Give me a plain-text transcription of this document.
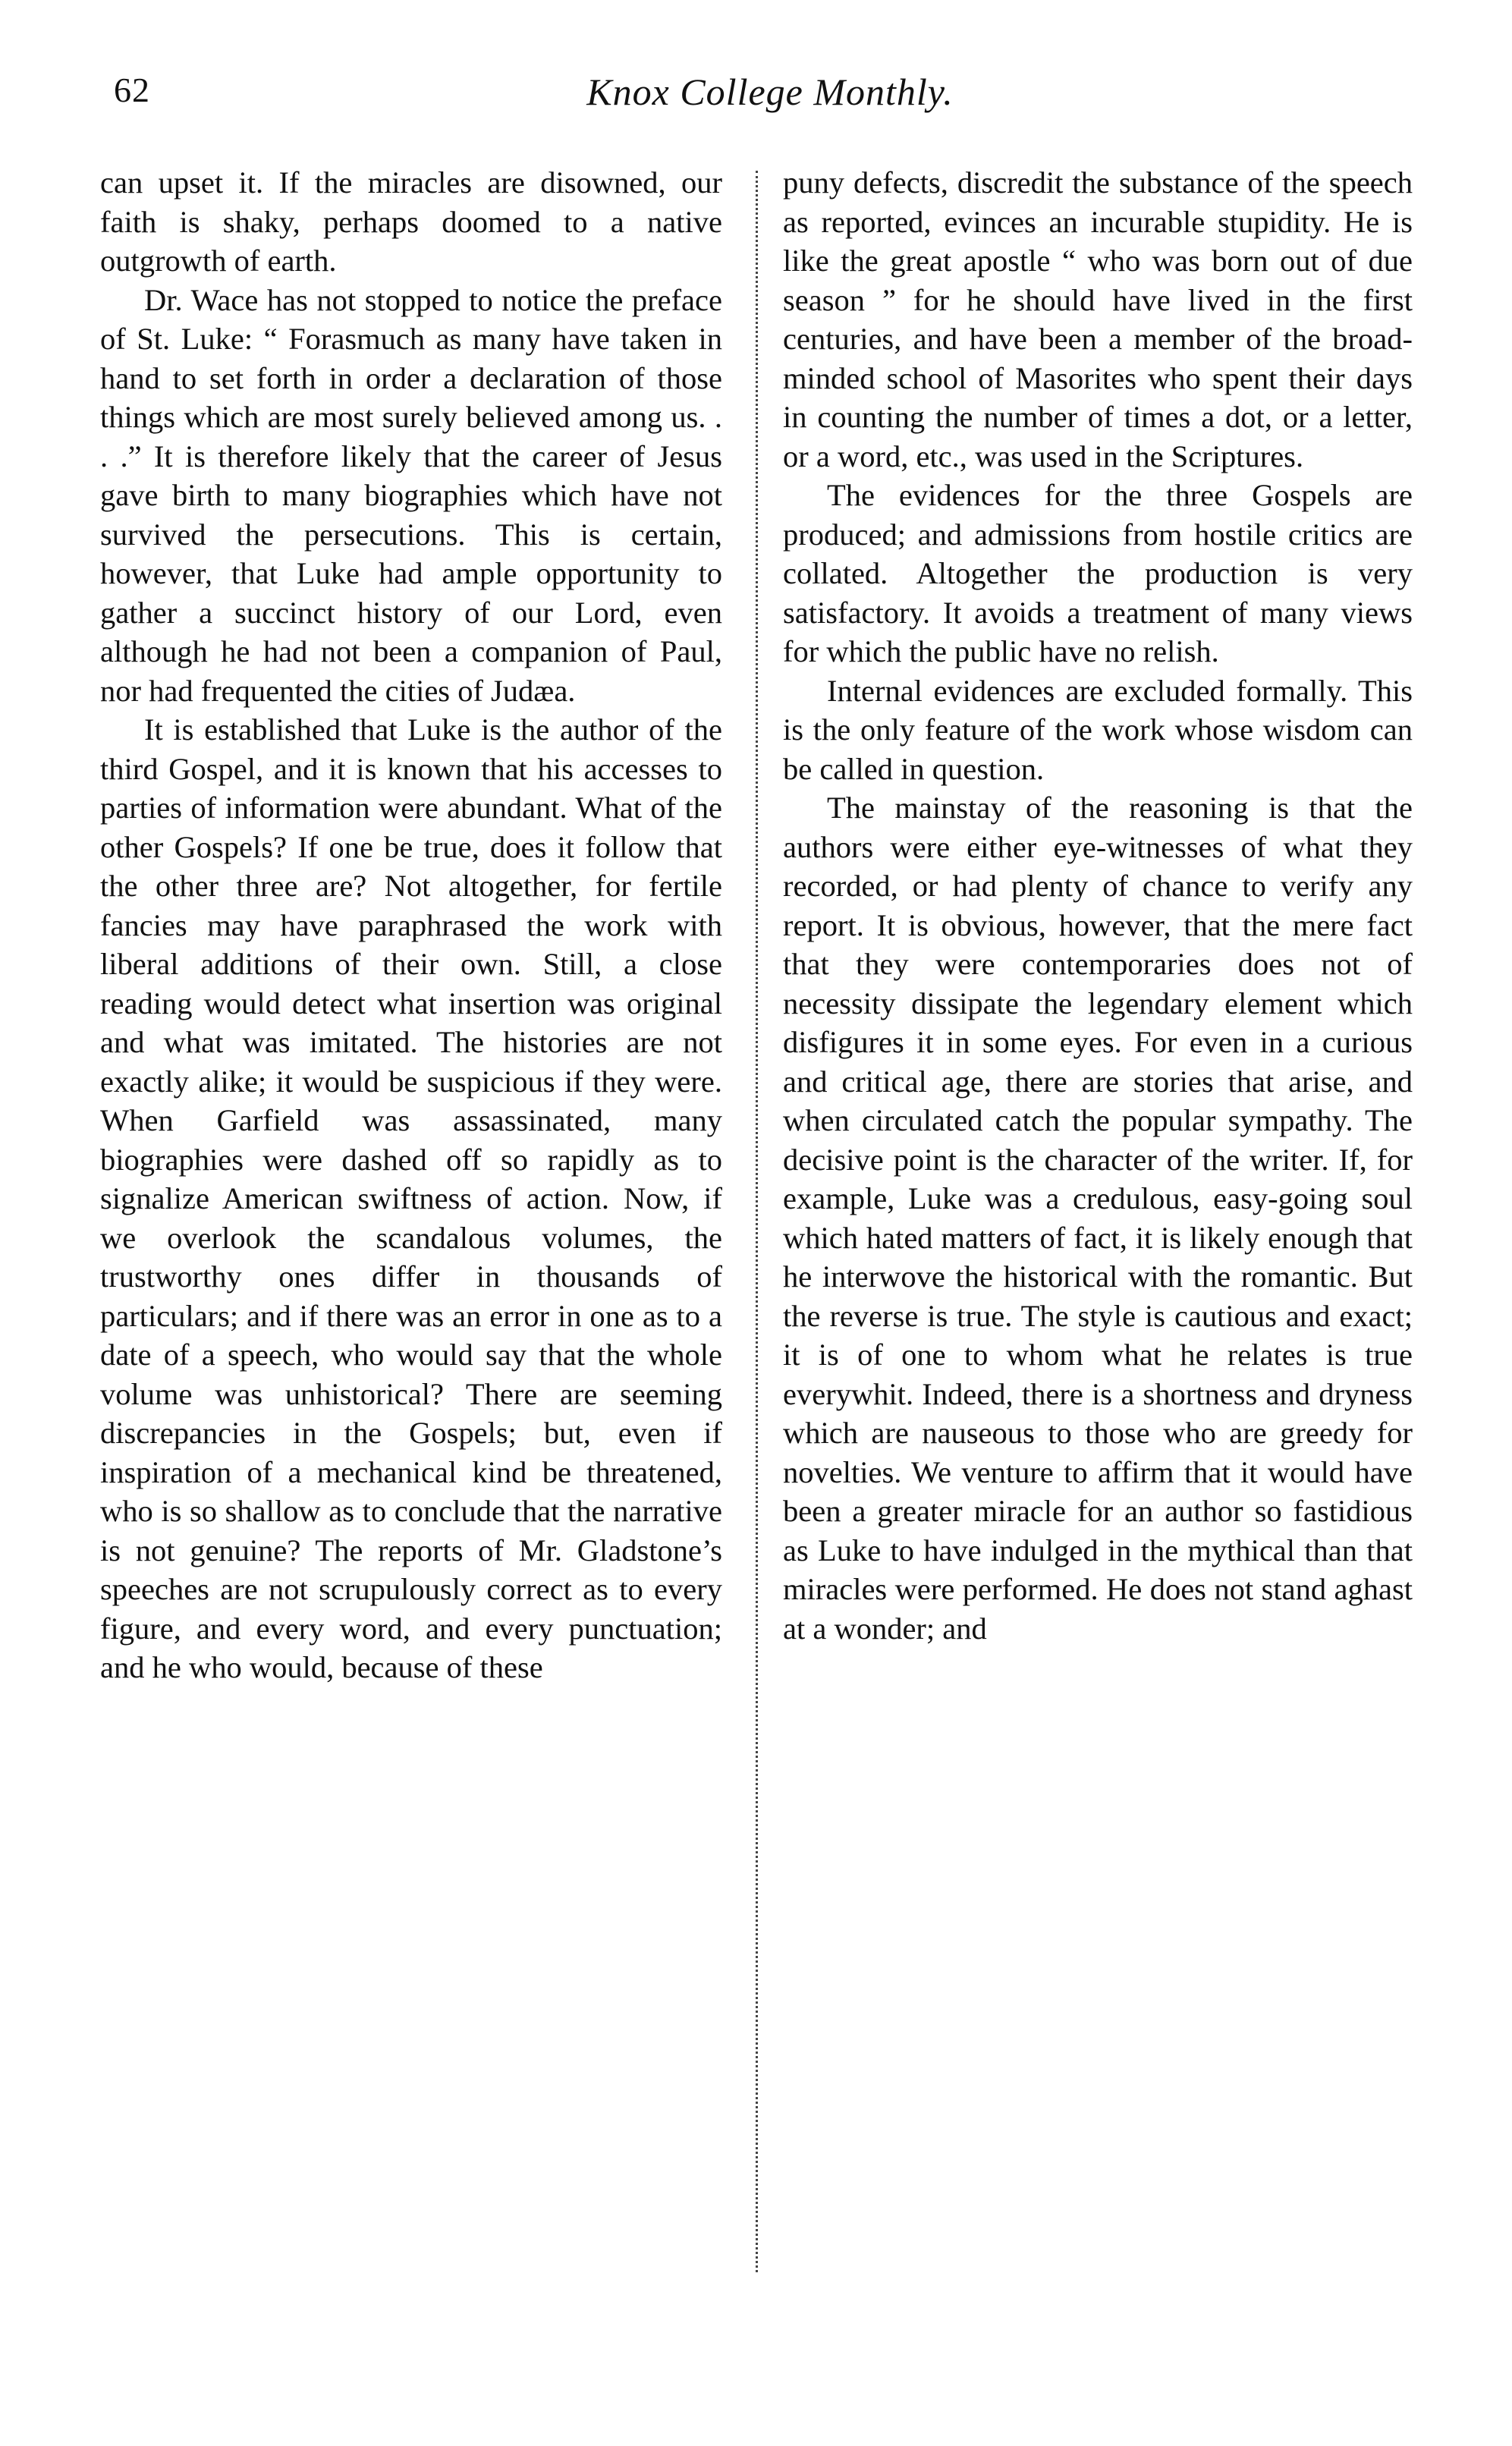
62	Knox College Monthly.

can upset it. If the miracles are disowned, our faith is shaky, perhaps doomed to a native outgrowth of earth.

Dr. Wace has not stopped to notice the preface of St. Luke: “ Forasmuch as many have taken in hand to set forth in order a declaration of those things which are most surely believed among us. . . .” It is therefore likely that the career of Jesus gave birth to many biographies which have not survived the persecutions. This is certain, however, that Luke had ample opportunity to gather a succinct history of our Lord, even although he had not been a companion of Paul, nor had frequented the cities of Judæa.

It is established that Luke is the author of the third Gospel, and it is known that his accesses to parties of information were abundant. What of the other Gospels? If one be true, does it follow that the other three are? Not altogether, for fertile fancies may have paraphrased the work with liberal additions of their own. Still, a close reading would detect what insertion was original and what was imitated. The histories are not exactly alike; it would be suspicious if they were. When Garfield was assassinated, many biographies were dashed off so rapidly as to signalize American swiftness of action. Now, if we overlook the scandalous volumes, the trustworthy ones differ in thousands of particulars; and if there was an error in one as to a date of a speech, who would say that the whole volume was unhistorical? There are seeming discrepancies in the Gospels; but, even if inspiration of a mechanical kind be threatened, who is so shallow as to conclude that the narrative is not genuine? The reports of Mr. Gladstone’s speeches are not scrupulously correct as to every figure, and every word, and every punctuation; and he who would, because of these

puny defects, discredit the substance of the speech as reported, evinces an incurable stupidity. He is like the great apostle “ who was born out of due season ” for he should have lived in the first centuries, and have been a member of the broad-minded school of Masorites who spent their days in counting the number of times a dot, or a letter, or a word, etc., was used in the Scriptures.

The evidences for the three Gospels are produced; and admissions from hostile critics are collated. Altogether the production is very satisfactory. It avoids a treatment of many views for which the public have no relish.

Internal evidences are excluded formally. This is the only feature of the work whose wisdom can be called in question.

The mainstay of the reasoning is that the authors were either eye-witnesses of what they recorded, or had plenty of chance to verify any report. It is obvious, however, that the mere fact that they were contemporaries does not of necessity dissipate the legendary element which disfigures it in some eyes. For even in a curious and critical age, there are stories that arise, and when circulated catch the popular sympathy. The decisive point is the character of the writer. If, for example, Luke was a credulous, easy-going soul which hated matters of fact, it is likely enough that he interwove the historical with the romantic. But the reverse is true. The style is cautious and exact; it is of one to whom what he relates is true everywhit. Indeed, there is a shortness and dryness which are nauseous to those who are greedy for novelties. We venture to affirm that it would have been a greater miracle for an author so fastidious as Luke to have indulged in the mythical than that miracles were performed. He does not stand aghast at a wonder; and
